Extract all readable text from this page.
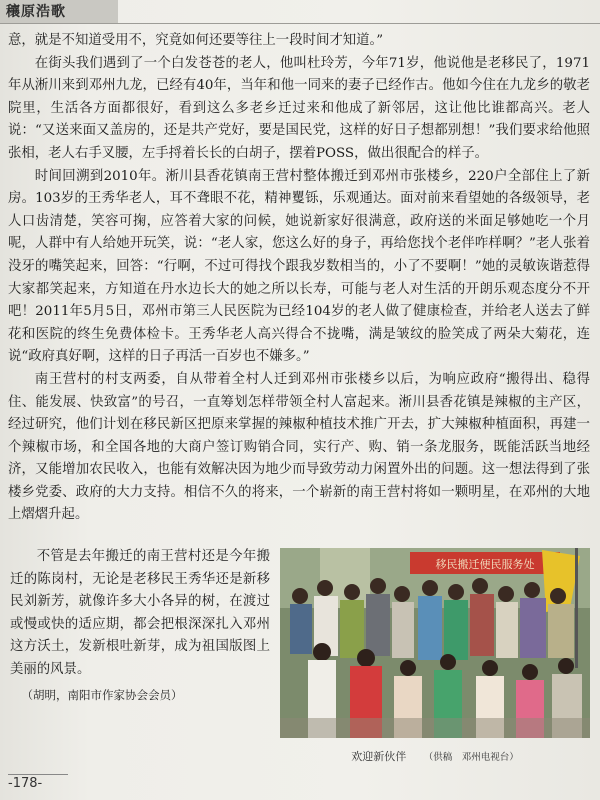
穰原浩歌

意，就是不知道受用不，究竟如何还要等往上一段时间才知道。”

在街头我们遇到了一个白发苍苍的老人，他叫杜玲芳，今年71岁，他说他是老移民了，1971年从淅川来到邓州九龙，已经有40年，当年和他一同来的妻子已经作古。他如今住在九龙乡的敬老院里，生活各方面都很好，看到这么多老乡迁过来和他成了新邻居，这让他比谁都高兴。老人说：“又送来面又盖房的，还是共产党好，要是国民党，这样的好日子想都别想！”我们要求给他照张相，老人右手叉腰，左手捋着长长的白胡子，摆着POSS，做出很配合的样子。

时间回溯到2010年。淅川县香花镇南王营村整体搬迁到邓州市张楼乡，220户全部住上了新房。103岁的王秀华老人，耳不聋眼不花，精神矍铄，乐观通达。面对前来看望她的各级领导，老人口齿清楚，笑容可掬，应答着大家的问候，她说新家好很满意，政府送的米面足够她吃一个月呢，人群中有人给她开玩笑，说：“老人家，您这么好的身子，再给您找个老伴咋样啊？”老人张着没牙的嘴笑起来，回答：“行啊，不过可得找个跟我岁数相当的，小了不要啊！”她的灵敏诙谐惹得大家都笑起来，方知道在丹水边长大的她之所以长寿，可能与老人对生活的开朗乐观态度分不开吧！2011年5月5日，邓州市第三人民医院为已经104岁的老人做了健康检查，并给老人送去了鲜花和医院的终生免费体检卡。王秀华老人高兴得合不拢嘴，满是皱纹的脸笑成了两朵大菊花，连说“政府真好啊，这样的日子再活一百岁也不嫌多。”

南王营村的村支两委，自从带着全村人迁到邓州市张楼乡以后，为响应政府“搬得出、稳得住、能发展、快致富”的号召，一直筹划怎样带领全村人富起来。淅川县香花镇是辣椒的主产区，经过研究，他们计划在移民新区把原来掌握的辣椒种植技术推广开去，扩大辣椒种植面积，再建一个辣椒市场，和全国各地的大商户签订购销合同，实行产、购、销一条龙服务，既能活跃当地经济，又能增加农民收入，也能有效解决因为地少而导致劳动力闲置外出的问题。这一想法得到了张楼乡党委、政府的大力支持。相信不久的将来，一个崭新的南王营村将如一颗明星，在邓州的大地上熠熠升起。

不管是去年搬迁的南王营村还是今年搬迁的陈岗村，无论是老移民王秀华还是新移民刘新芳，就像许多大小各异的树，在渡过或慢或快的适应期，都会把根深深扎入邓州这方沃土，发新根吐新芽，成为祖国版图上美丽的风景。

（胡明，南阳市作家协会会员）

移民搬迁便民服务处
欢迎新伙伴 （供稿　邓州电视台）
-178-
